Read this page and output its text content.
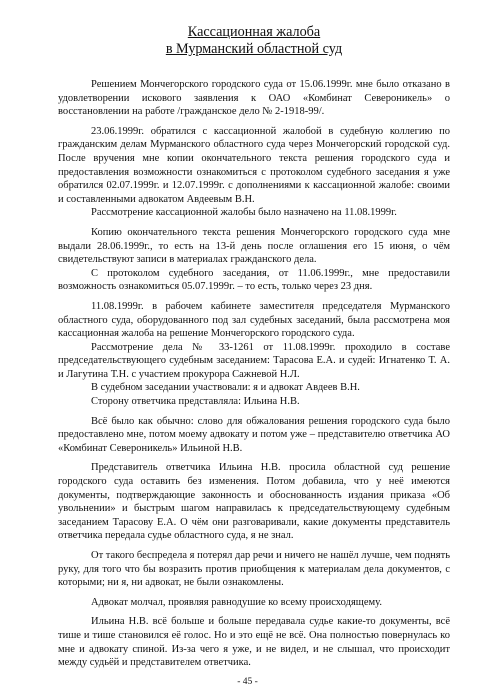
Кассационная жалоба
в Мурманский областной суд

Решением Мончегорского городского суда от 15.06.1999г. мне было отказано в удовлетворении искового заявления к ОАО «Комбинат Североникель» о восстановлении на работе /гражданское дело № 2-1918-99/.

23.06.1999г. обратился с кассационной жалобой в судебную коллегию по гражданским делам Мурманского областного суда через Мончегорский городской суд. После вручения мне копии окончательного текста решения городского суда и предоставления возможности ознакомиться с протоколом судебного заседания я уже обратился 02.07.1999г. и 12.07.1999г. с дополнениями к кассационной жалобе: своими и составленными адвокатом Авдеевым В.Н.

Рассмотрение кассационной жалобы было назначено на 11.08.1999г.

Копию окончательного текста решения Мончегорского городского суда мне выдали 28.06.1999г., то есть на 13-й день после оглашения его 15 июня, о чём свидетельствуют записи в материалах гражданского дела.

С протоколом судебного заседания, от 11.06.1999г., мне предоставили возможность ознакомиться 05.07.1999г. – то есть, только через 23 дня.

11.08.1999г. в рабочем кабинете заместителя председателя Мурманского областного суда, оборудованного под зал судебных заседаний, была рассмотрена моя кассационная жалоба на решение Мончегорского городского суда.

Рассмотрение дела № 33-1261 от 11.08.1999г. проходило в составе председательствующего судебным заседанием: Тарасова Е.А. и судей: Игнатенко Т. А. и Лагутина Т.Н. с участием прокурора Сажневой Н.Л.

В судебном заседании участвовали: я и адвокат Авдеев В.Н.

Сторону ответчика представляла: Ильина Н.В.

Всё было как обычно: слово для обжалования решения городского суда было предоставлено мне, потом моему адвокату и потом уже – представителю ответчика АО «Комбинат Североникель» Ильиной Н.В.

Представитель ответчика Ильина Н.В. просила областной суд решение городского суда оставить без изменения. Потом добавила, что у неё имеются документы, подтверждающие законность и обоснованность издания приказа «Об увольнении» и быстрым шагом направилась к председательствующему судебным заседанием Тарасову Е.А. О чём они разговаривали, какие документы представитель ответчика передала судье областного суда, я не знал.

От такого беспредела я потерял дар речи и ничего не нашёл лучше, чем поднять руку, для того что бы возразить против приобщения к материалам дела документов, с которыми; ни я, ни адвокат, не были ознакомлены.

Адвокат молчал, проявляя равнодушие ко всему происходящему.

Ильина Н.В. всё больше и больше передавала судье какие-то документы, всё тише и тише становился её голос. Но и это ещё не всё. Она полностью повернулась ко мне и адвокату спиной. Из-за чего я уже, и не видел, и не слышал, что происходит между судьёй и представителем ответчика.

- 45 -
